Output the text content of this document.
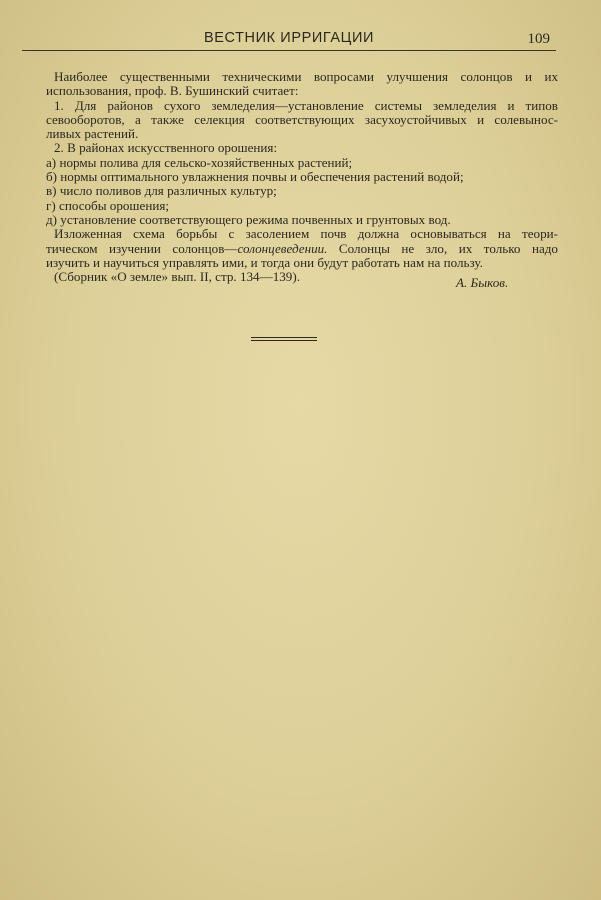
ВЕСТНИК ИРРИГАЦИИ	109

Наиболее существенными техническими вопросами улучшения солонцов и их

использования, проф. В. Бушинский считает:

1. Для районов сухого земледелия—установление системы земледелия и типов

севооборотов, а также селекция соответствующих засухоустойчивых и солевынос-

ливых растений.

2. В районах искусственного орошения:

а) нормы полива для сельско-хозяйственных растений;

б) нормы оптимального увлажнения почвы и обеспечения растений водой;

в) число поливов для различных культур;

г) способы орошения;

д) установление соответствующего режима почвенных и грунтовых вод.

Изложенная схема борьбы с засолением почв должна основываться на теори-

тическом изучении солонцов—солонцеведении. Солонцы не зло, их только надо

изучить и научиться управлять ими, и тогда они будут работать нам на пользу.

(Сборник «О земле» вып. II, стр. 134—139).	А. Быков.
